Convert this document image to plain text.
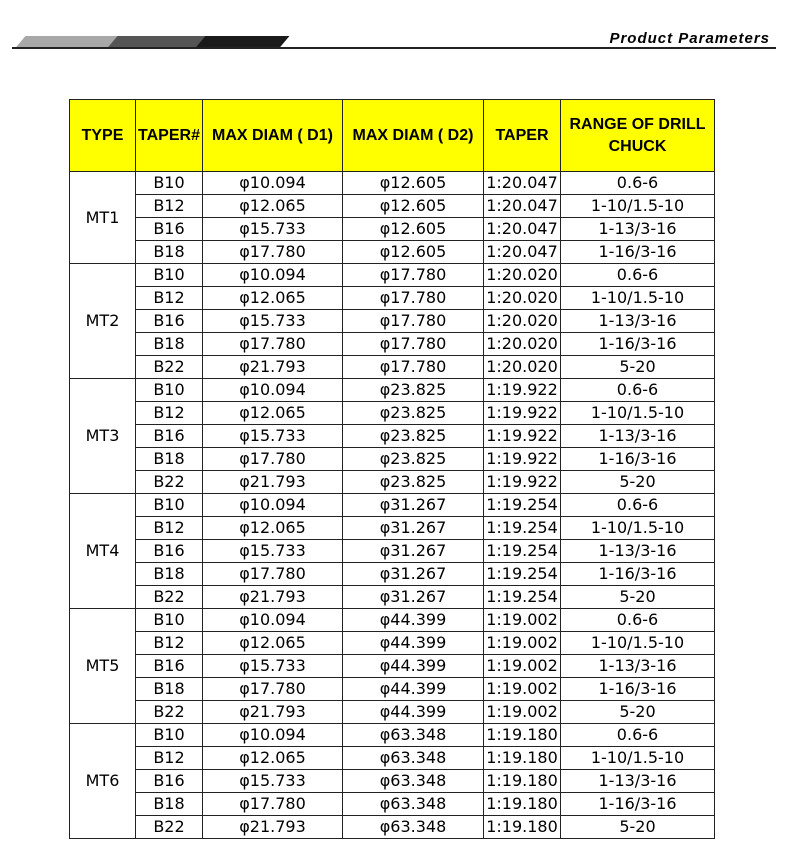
Product Parameters
TYPE	TAPER#	MAX DIAM ( D1)	MAX DIAM ( D2)	TAPER	RANGE OF DRILL CHUCK
MT1	B10	φ10.094	φ12.605	1:20.047	0.6-6
	B12	φ12.065	φ12.605	1:20.047	1-10/1.5-10
	B16	φ15.733	φ12.605	1:20.047	1-13/3-16
	B18	φ17.780	φ12.605	1:20.047	1-16/3-16
MT2	B10	φ10.094	φ17.780	1:20.020	0.6-6
	B12	φ12.065	φ17.780	1:20.020	1-10/1.5-10
	B16	φ15.733	φ17.780	1:20.020	1-13/3-16
	B18	φ17.780	φ17.780	1:20.020	1-16/3-16
	B22	φ21.793	φ17.780	1:20.020	5-20
MT3	B10	φ10.094	φ23.825	1:19.922	0.6-6
	B12	φ12.065	φ23.825	1:19.922	1-10/1.5-10
	B16	φ15.733	φ23.825	1:19.922	1-13/3-16
	B18	φ17.780	φ23.825	1:19.922	1-16/3-16
	B22	φ21.793	φ23.825	1:19.922	5-20
MT4	B10	φ10.094	φ31.267	1:19.254	0.6-6
	B12	φ12.065	φ31.267	1:19.254	1-10/1.5-10
	B16	φ15.733	φ31.267	1:19.254	1-13/3-16
	B18	φ17.780	φ31.267	1:19.254	1-16/3-16
	B22	φ21.793	φ31.267	1:19.254	5-20
MT5	B10	φ10.094	φ44.399	1:19.002	0.6-6
	B12	φ12.065	φ44.399	1:19.002	1-10/1.5-10
	B16	φ15.733	φ44.399	1:19.002	1-13/3-16
	B18	φ17.780	φ44.399	1:19.002	1-16/3-16
	B22	φ21.793	φ44.399	1:19.002	5-20
MT6	B10	φ10.094	φ63.348	1:19.180	0.6-6
	B12	φ12.065	φ63.348	1:19.180	1-10/1.5-10
	B16	φ15.733	φ63.348	1:19.180	1-13/3-16
	B18	φ17.780	φ63.348	1:19.180	1-16/3-16
	B22	φ21.793	φ63.348	1:19.180	5-20
